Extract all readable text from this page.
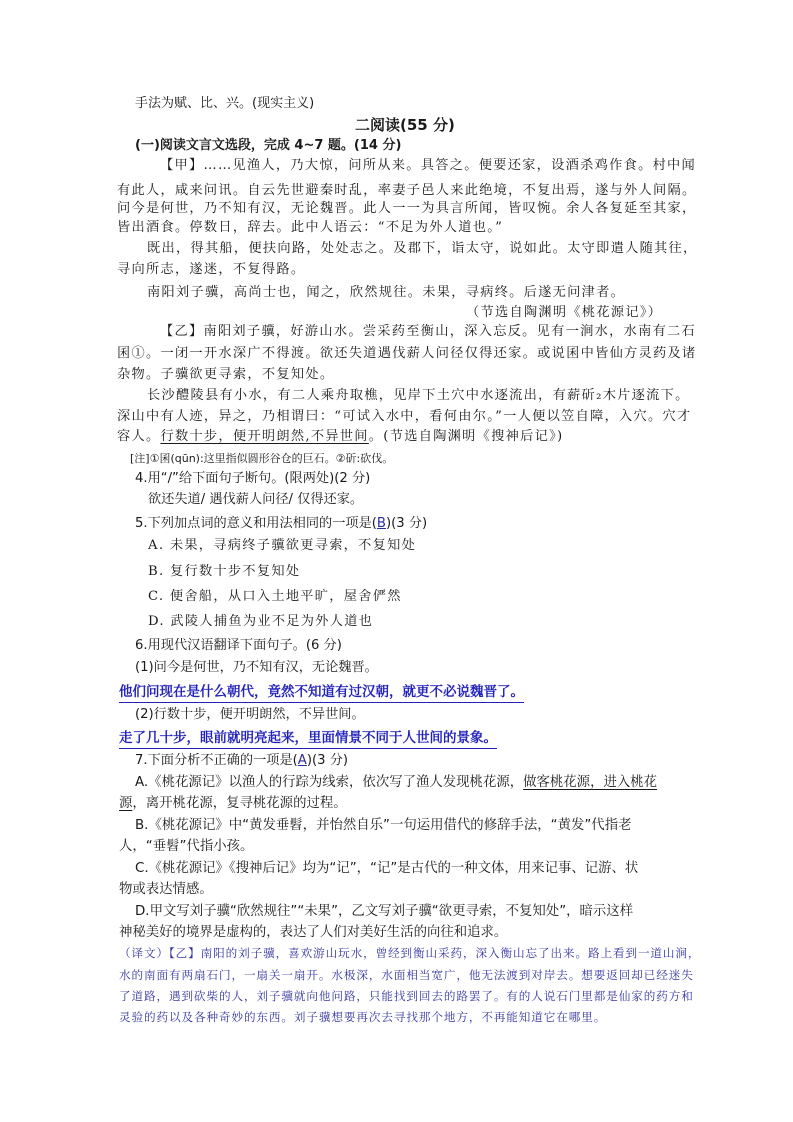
手法为赋、比、兴。(现实主义)
二阅读(55 分)
(一)阅读文言文选段，完成 4~7 题。(14 分)
【甲】……见渔人，乃大惊，问所从来。具答之。便要还家，设酒杀鸡作食。村中闻
有此人，咸来问讯。自云先世避秦时乱，率妻子邑人来此绝境，不复出焉，遂与外人间隔。
问今是何世，乃不知有汉，无论魏晋。此人一一为具言所闻，皆叹惋。余人各复延至其家，
皆出酒食。停数日，辞去。此中人语云：“不足为外人道也。”
既出，得其船，便扶向路，处处志之。及郡下，诣太守，说如此。太守即遣人随其往，
寻向所志，遂迷，不复得路。
南阳刘子骥，高尚士也，闻之，欣然规往。未果，寻病终。后遂无问津者。
（节选自陶渊明《桃花源记》）
【乙】南阳刘子骥，好游山水。尝采药至衡山，深入忘反。见有一涧水，水南有二石
囷①。一闭一开水深广不得渡。欲还失道遇伐薪人问径仅得还家。或说囷中皆仙方灵药及诸
杂物。子骥欲更寻索，不复知处。
长沙醴陵县有小水，有二人乘舟取樵，见岸下土穴中水逐流出，有薪斫₂木片逐流下。
深山中有人迹，异之，乃相谓曰：“可试入水中，看何由尔。”一人便以笠自障，入穴。穴才
容人。行数十步，便开明朗然,不异世间。(节选自陶渊明《搜神后记》)
[注]①囷(qūn):这里指似圆形谷仓的巨石。②斫:砍伐。
4.用“/”给下面句子断句。(限两处)(2 分)
欲还失道/ 遇伐薪人问径/ 仅得还家。
5.下列加点词的意义和用法相同的一项是(B)(3 分)
A. 未果，寻病终子骥欲更寻索，不复知处
B. 复行数十步不复知处
C. 便舍船，从口入土地平旷，屋舍俨然
D. 武陵人捕鱼为业不足为外人道也
6.用现代汉语翻译下面句子。(6 分)
(1)问今是何世，乃不知有汉，无论魏晋。
他们问现在是什么朝代，竟然不知道有过汉朝，就更不必说魏晋了。
(2)行数十步，便开明朗然，不异世间。
走了几十步，眼前就明亮起来，里面情景不同于人世间的景象。
7.下面分析不正确的一项是(A)(3 分)
A.《桃花源记》以渔人的行踪为线索，依次写了渔人发现桃花源，做客桃花源，进入桃花
源，离开桃花源，复寻桃花源的过程。
B.《桃花源记》中“黄发垂髫，并怡然自乐”一句运用借代的修辞手法，“黄发”代指老
人，“垂髫”代指小孩。
C.《桃花源记》《搜神后记》均为“记”，“记”是古代的一种文体，用来记事、记游、状
物或表达情感。
D.甲文写刘子骥“欣然规往”“未果”，乙文写刘子骥“欲更寻索，不复知处”，暗示这样
神秘美好的境界是虚构的，表达了人们对美好生活的向往和追求。
（译文）【乙】南阳的刘子骥，喜欢游山玩水，曾经到衡山采药，深入衡山忘了出来。路上看到一道山涧，
水的南面有两扇石门，一扇关一扇开。水极深，水面相当宽广，他无法渡到对岸去。想要返回却已经迷失
了道路，遇到砍柴的人，刘子骥就向他问路，只能找到回去的路罢了。有的人说石门里都是仙家的药方和
灵验的药以及各种奇妙的东西。刘子骥想要再次去寻找那个地方，不再能知道它在哪里。
